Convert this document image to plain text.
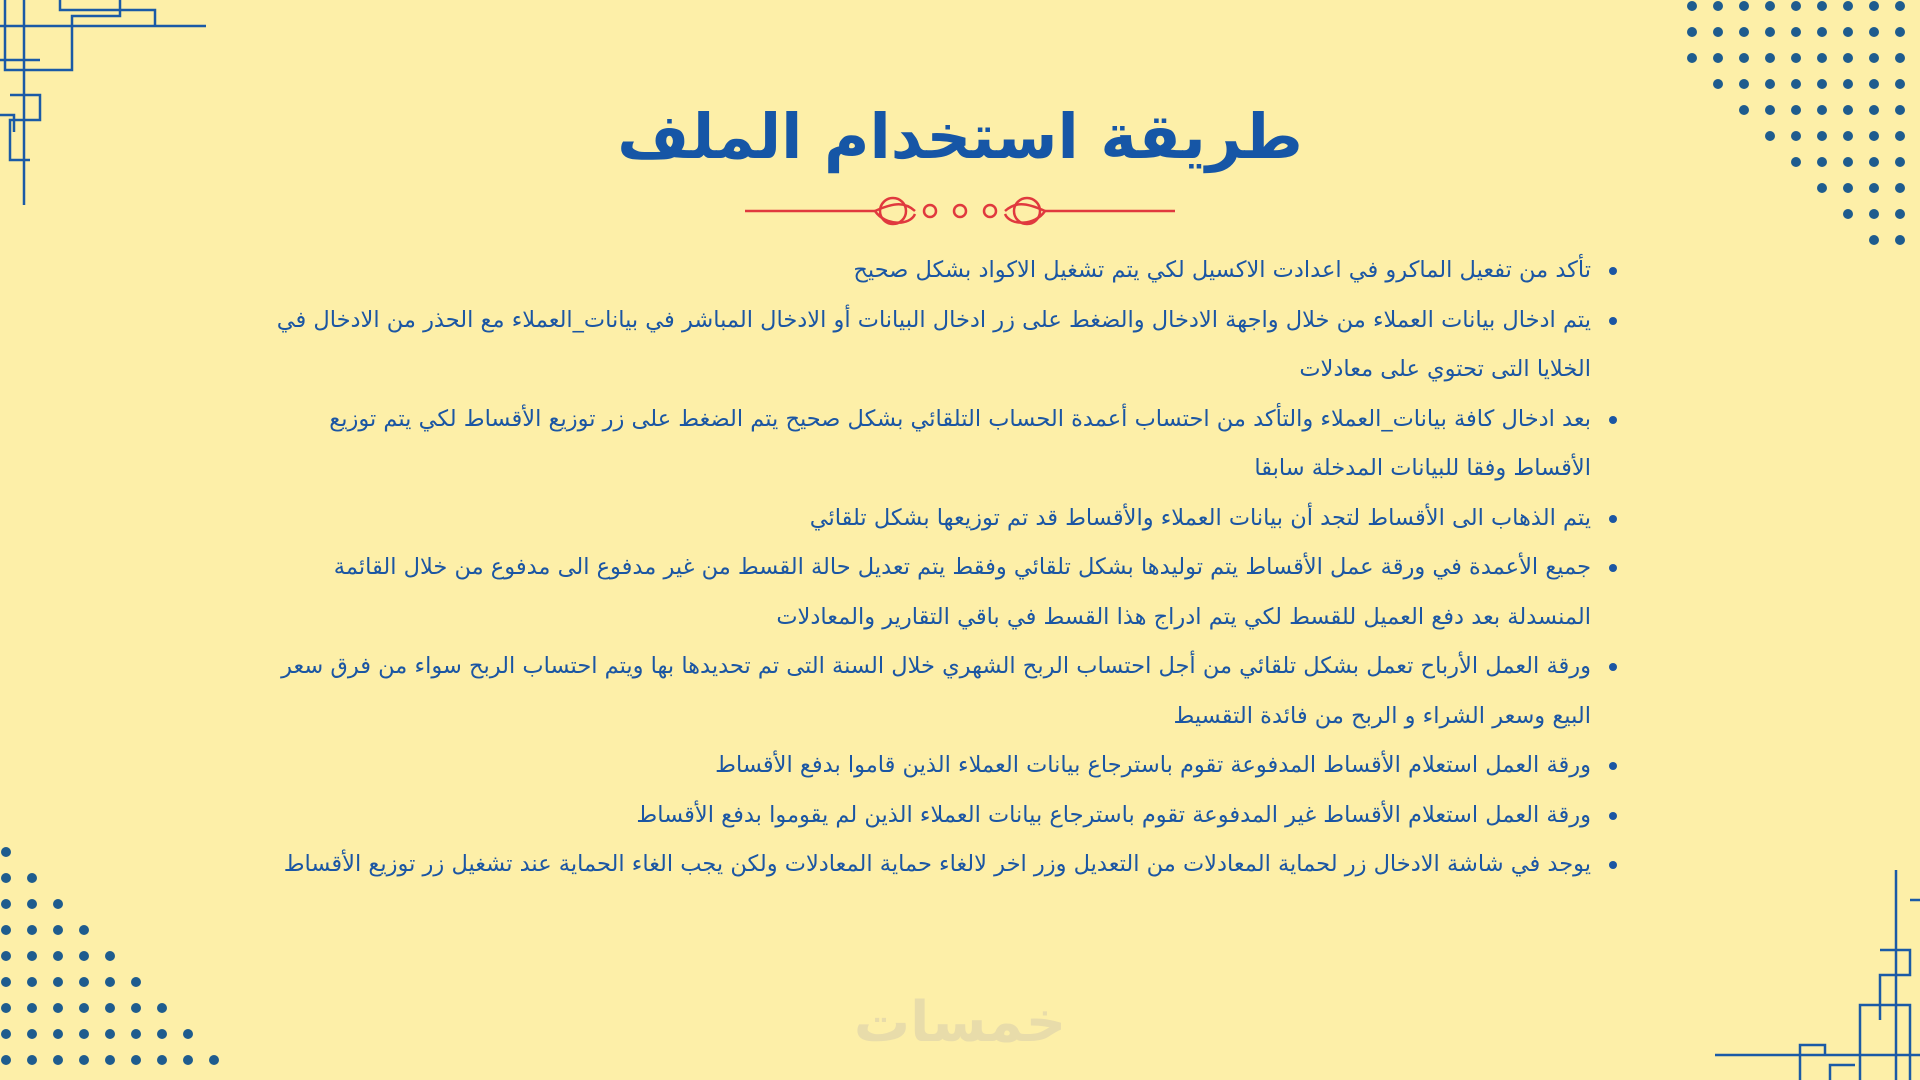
طريقة استخدام الملف
تأكد من تفعيل الماكرو في اعدادت الاكسيل لكي يتم تشغيل الاكواد بشكل صحيح
يتم ادخال بيانات العملاء من خلال واجهة الادخال والضغط على زر ادخال البيانات أو الادخال المباشر في بيانات_العملاء مع الحذر من الادخال في الخلايا التى تحتوي على معادلات
بعد ادخال كافة بيانات_العملاء والتأكد من احتساب أعمدة الحساب التلقائي بشكل صحيح يتم الضغط على زر توزيع الأقساط لكي يتم توزيع الأقساط وفقا للبيانات المدخلة سابقا
يتم الذهاب الى الأقساط لتجد أن بيانات العملاء والأقساط قد تم توزيعها بشكل تلقائي
جميع الأعمدة في ورقة عمل الأقساط يتم توليدها بشكل تلقائي وفقط يتم تعديل حالة القسط من غير مدفوع الى مدفوع من خلال القائمة المنسدلة بعد دفع العميل للقسط لكي يتم ادراج هذا القسط في باقي التقارير والمعادلات
ورقة العمل الأرباح تعمل بشكل تلقائي من أجل احتساب الربح الشهري خلال السنة التى تم تحديدها بها ويتم احتساب الربح سواء من فرق سعر البيع وسعر الشراء و الربح من فائدة التقسيط
ورقة العمل استعلام الأقساط المدفوعة تقوم باسترجاع بيانات العملاء الذين قاموا بدفع الأقساط
ورقة العمل استعلام الأقساط غير المدفوعة تقوم باسترجاع بيانات العملاء الذين لم يقوموا بدفع الأقساط
يوجد في شاشة الادخال زر لحماية المعادلات من التعديل وزر اخر لالغاء حماية المعادلات ولكن يجب الغاء الحماية عند تشغيل زر توزيع الأقساط
خمسات
